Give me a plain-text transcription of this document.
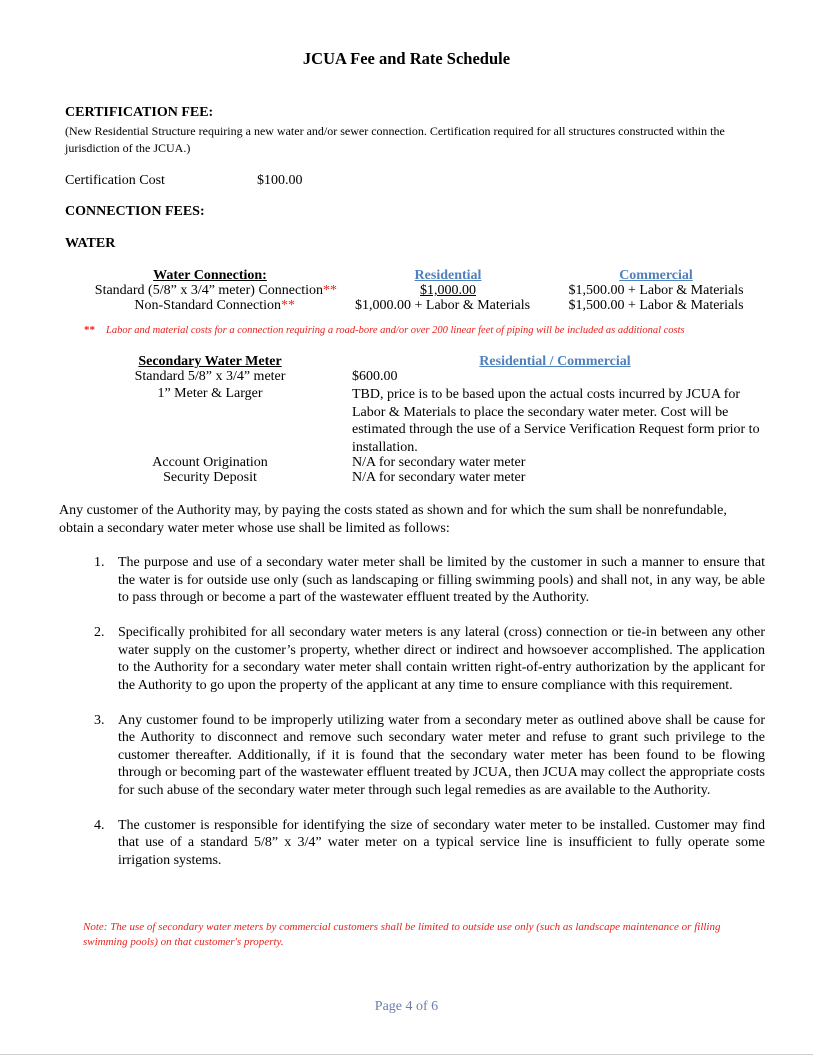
JCUA Fee and Rate Schedule
CERTIFICATION FEE:
(New Residential Structure requiring a new water and/or sewer connection. Certification required for all structures constructed within the jurisdiction of the JCUA.)
Certification Cost	$100.00
CONNECTION FEES:
WATER
Water Connection:	Residential	Commercial
Standard (5/8” x 3/4” meter) Connection**	$1,000.00	$1,500.00 + Labor & Materials
Non-Standard Connection**	$1,000.00 + Labor & Materials	$1,500.00 + Labor & Materials
** Labor and material costs for a connection requiring a road-bore and/or over 200 linear feet of piping will be included as additional costs
Secondary Water Meter	Residential / Commercial
Standard 5/8” x 3/4” meter	$600.00
1” Meter & Larger	TBD, price is to be based upon the actual costs incurred by JCUA for Labor & Materials to place the secondary water meter. Cost will be estimated through the use of a Service Verification Request form prior to installation.
Account Origination	N/A for secondary water meter
Security Deposit	N/A for secondary water meter
Any customer of the Authority may, by paying the costs stated as shown and for which the sum shall be nonrefundable, obtain a secondary water meter whose use shall be limited as follows:
1. The purpose and use of a secondary water meter shall be limited by the customer in such a manner to ensure that the water is for outside use only (such as landscaping or filling swimming pools) and shall not, in any way, be able to pass through or become a part of the wastewater effluent treated by the Authority.
2. Specifically prohibited for all secondary water meters is any lateral (cross) connection or tie-in between any other water supply on the customer’s property, whether direct or indirect and howsoever accomplished. The application to the Authority for a secondary water meter shall contain written right-of-entry authorization by the applicant for the Authority to go upon the property of the applicant at any time to ensure compliance with this requirement.
3. Any customer found to be improperly utilizing water from a secondary meter as outlined above shall be cause for the Authority to disconnect and remove such secondary water meter and refuse to grant such privilege to the customer thereafter. Additionally, if it is found that the secondary water meter has been found to be flowing through or becoming part of the wastewater effluent treated by JCUA, then JCUA may collect the appropriate costs for such abuse of the secondary water meter through such legal remedies as are available to the Authority.
4. The customer is responsible for identifying the size of secondary water meter to be installed. Customer may find that use of a standard 5/8” x 3/4” water meter on a typical service line is insufficient to fully operate some irrigation systems.
Note: The use of secondary water meters by commercial customers shall be limited to outside use only (such as landscape maintenance or filling swimming pools) on that customer's property.
Page 4 of 6
